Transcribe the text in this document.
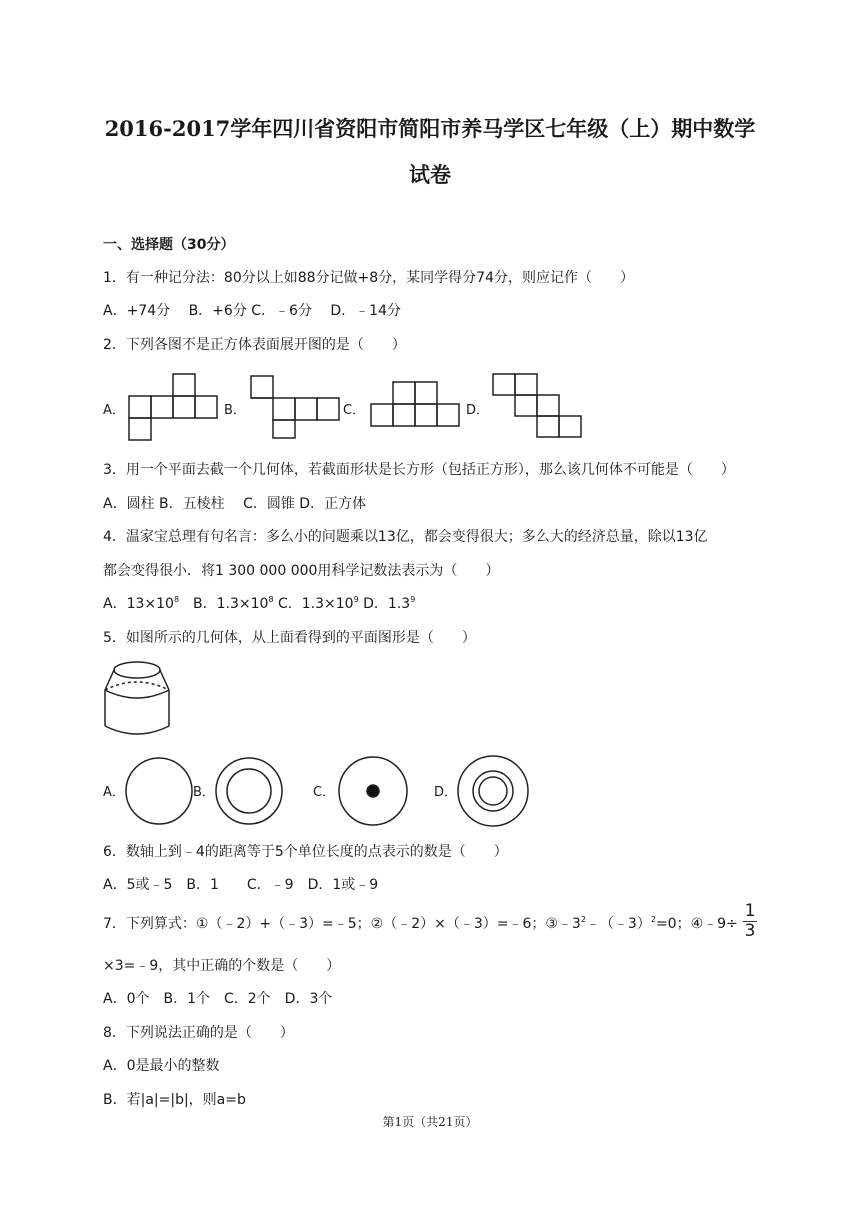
2016-2017学年四川省资阳市简阳市养马学区七年级（上）期中数学
试卷
一、选择题（30分）
1．有一种记分法：80分以上如88分记做+8分，某同学得分74分，则应记作（　　）
A．+74分　 B．+6分 C．﹣6分　 D．﹣14分
2．下列各图不是正方体表面展开图的是（　　）
A．	B．	C．	D．
3．用一个平面去截一个几何体，若截面形状是长方形（包括正方形），那么该几何体不可能是（　　）
A．圆柱 B．五棱柱　 C．圆锥 D．正方体
4．温家宝总理有句名言：多么小的问题乘以13亿，都会变得很大；多么大的经济总量，除以13亿
都会变得很小．将1 300 000 000用科学记数法表示为（　　）
A．$13\times 10^8$　B．$1.3\times 10^8$ C．$1.3\times 10^9$ D．$1.3^9$
5．如图所示的几何体，从上面看得到的平面图形是（　　）
A．	B．	C．	D．
6．数轴上到﹣4的距离等于5个单位长度的点表示的数是（　　）
A．5或﹣5　B．1　　C．﹣9　D．1或﹣9
7．下列算式：①（﹣2）+（﹣3）=﹣5；②（﹣2）×（﹣3）=﹣6；$③﹣3^2﹣(﹣3)^2=0$；④﹣9÷
1
3
×3=﹣9，其中正确的个数是（　　）
A．0个　B．1个　C．2个　D．3个
8．下列说法正确的是（　　）
A．0是最小的整数
B．若|a|=|b|，则a=b
第1页（共21页）
